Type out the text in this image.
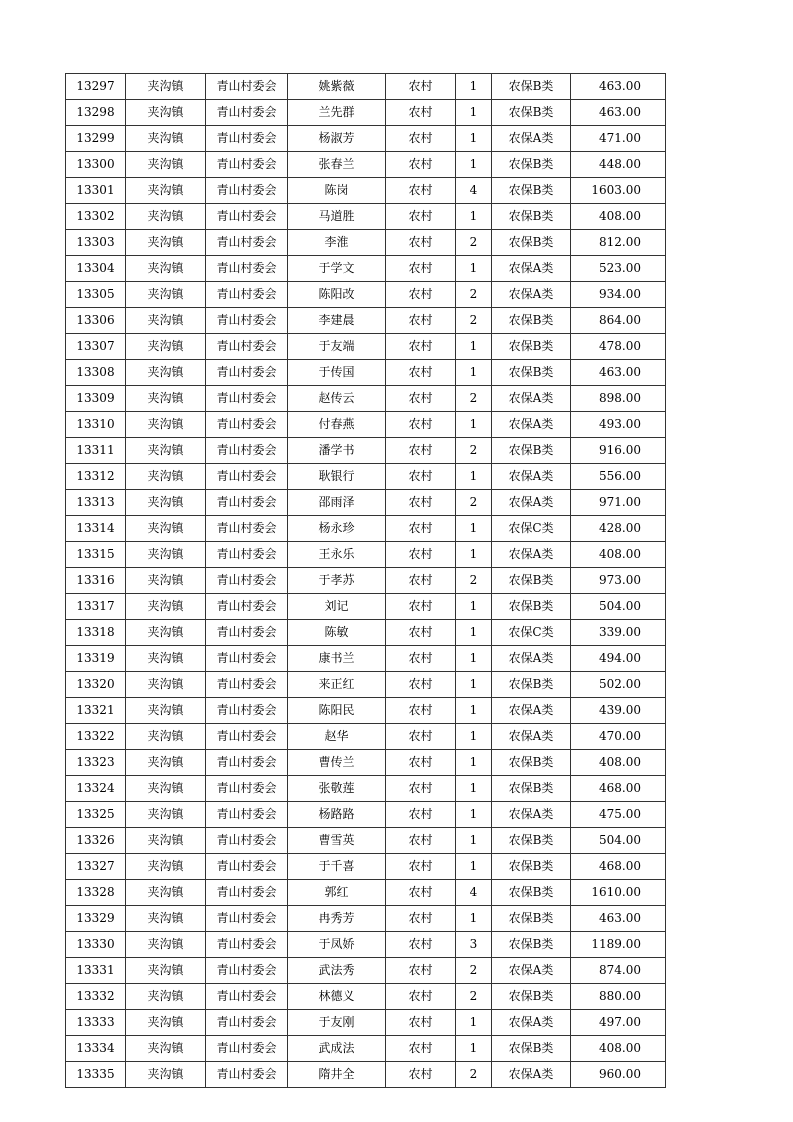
13297	夹沟镇	青山村委会	姚紫薇	农村	1	农保B类	463.00
13298	夹沟镇	青山村委会	兰先群	农村	1	农保B类	463.00
13299	夹沟镇	青山村委会	杨淑芳	农村	1	农保A类	471.00
13300	夹沟镇	青山村委会	张春兰	农村	1	农保B类	448.00
13301	夹沟镇	青山村委会	陈岗	农村	4	农保B类	1603.00
13302	夹沟镇	青山村委会	马道胜	农村	1	农保B类	408.00
13303	夹沟镇	青山村委会	李淮	农村	2	农保B类	812.00
13304	夹沟镇	青山村委会	于学文	农村	1	农保A类	523.00
13305	夹沟镇	青山村委会	陈阳改	农村	2	农保A类	934.00
13306	夹沟镇	青山村委会	李建晨	农村	2	农保B类	864.00
13307	夹沟镇	青山村委会	于友端	农村	1	农保B类	478.00
13308	夹沟镇	青山村委会	于传国	农村	1	农保B类	463.00
13309	夹沟镇	青山村委会	赵传云	农村	2	农保A类	898.00
13310	夹沟镇	青山村委会	付春燕	农村	1	农保A类	493.00
13311	夹沟镇	青山村委会	潘学书	农村	2	农保B类	916.00
13312	夹沟镇	青山村委会	耿银行	农村	1	农保A类	556.00
13313	夹沟镇	青山村委会	邵雨泽	农村	2	农保A类	971.00
13314	夹沟镇	青山村委会	杨永珍	农村	1	农保C类	428.00
13315	夹沟镇	青山村委会	王永乐	农村	1	农保A类	408.00
13316	夹沟镇	青山村委会	于孝苏	农村	2	农保B类	973.00
13317	夹沟镇	青山村委会	刘记	农村	1	农保B类	504.00
13318	夹沟镇	青山村委会	陈敏	农村	1	农保C类	339.00
13319	夹沟镇	青山村委会	康书兰	农村	1	农保A类	494.00
13320	夹沟镇	青山村委会	来正红	农村	1	农保B类	502.00
13321	夹沟镇	青山村委会	陈阳民	农村	1	农保A类	439.00
13322	夹沟镇	青山村委会	赵华	农村	1	农保A类	470.00
13323	夹沟镇	青山村委会	曹传兰	农村	1	农保B类	408.00
13324	夹沟镇	青山村委会	张敬莲	农村	1	农保B类	468.00
13325	夹沟镇	青山村委会	杨路路	农村	1	农保A类	475.00
13326	夹沟镇	青山村委会	曹雪英	农村	1	农保B类	504.00
13327	夹沟镇	青山村委会	于千喜	农村	1	农保B类	468.00
13328	夹沟镇	青山村委会	郭红	农村	4	农保B类	1610.00
13329	夹沟镇	青山村委会	冉秀芳	农村	1	农保B类	463.00
13330	夹沟镇	青山村委会	于凤娇	农村	3	农保B类	1189.00
13331	夹沟镇	青山村委会	武法秀	农村	2	农保A类	874.00
13332	夹沟镇	青山村委会	林德义	农村	2	农保B类	880.00
13333	夹沟镇	青山村委会	于友刚	农村	1	农保A类	497.00
13334	夹沟镇	青山村委会	武成法	农村	1	农保B类	408.00
13335	夹沟镇	青山村委会	隋井全	农村	2	农保A类	960.00
